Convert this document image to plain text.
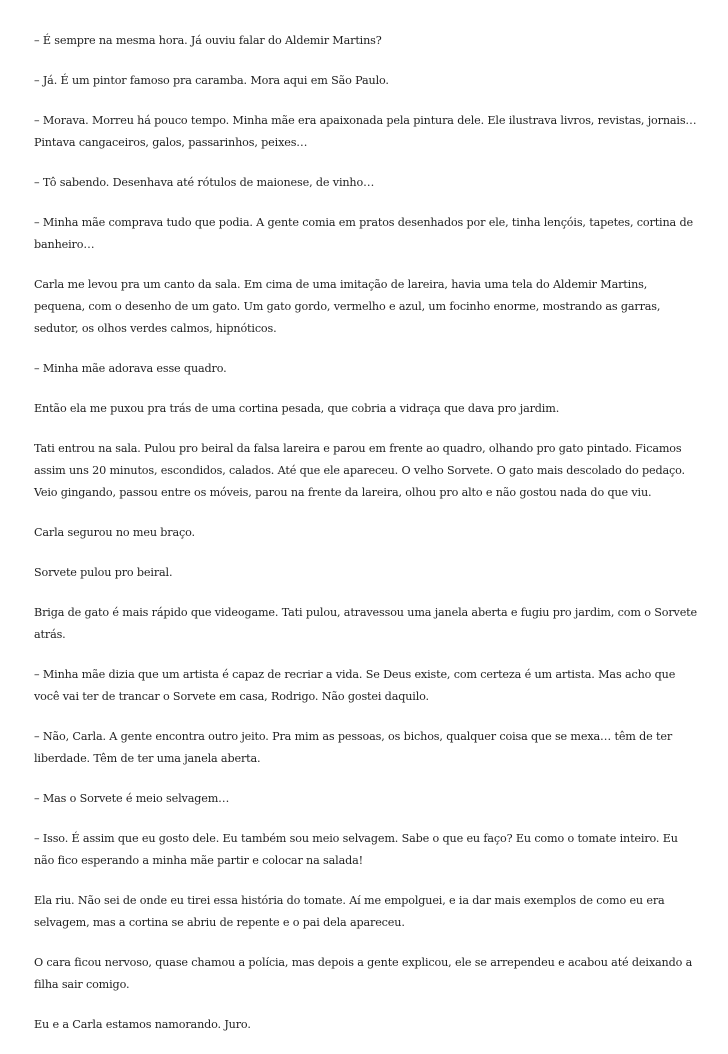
– É sempre na mesma hora. Já ouviu falar do Aldemir Martins?

– Já. É um pintor famoso pra caramba. Mora aqui em São Paulo.

– Morava. Morreu há pouco tempo. Minha mãe era apaixonada pela pintura dele. Ele ilustrava livros, revistas, jornais… Pintava cangaceiros, galos, passarinhos, peixes…

– Tô sabendo. Desenhava até rótulos de maionese, de vinho…

– Minha mãe comprava tudo que podia. A gente comia em pratos desenhados por ele, tinha lençóis, tapetes, cortina de banheiro…

Carla me levou pra um canto da sala. Em cima de uma imitação de lareira, havia uma tela do Aldemir Martins, pequena, com o desenho de um gato. Um gato gordo, vermelho e azul, um focinho enorme, mostrando as garras, sedutor, os olhos verdes calmos, hipnóticos.

– Minha mãe adorava esse quadro.

Então ela me puxou pra trás de uma cortina pesada, que cobria a vidraça que dava pro jardim.

Tati entrou na sala. Pulou pro beiral da falsa lareira e parou em frente ao quadro, olhando pro gato pintado. Ficamos assim uns 20 minutos, escondidos, calados. Até que ele apareceu. O velho Sorvete. O gato mais descolado do pedaço. Veio gingando, passou entre os móveis, parou na frente da lareira, olhou pro alto e não gostou nada do que viu.

Carla segurou no meu braço.

Sorvete pulou pro beiral.

Briga de gato é mais rápido que videogame. Tati pulou, atravessou uma janela aberta e fugiu pro jardim, com o Sorvete atrás.

– Minha mãe dizia que um artista é capaz de recriar a vida. Se Deus existe, com certeza é um artista. Mas acho que você vai ter de trancar o Sorvete em casa, Rodrigo. Não gostei daquilo.

– Não, Carla. A gente encontra outro jeito. Pra mim as pessoas, os bichos, qualquer coisa que se mexa… têm de ter liberdade. Têm de ter uma janela aberta.

– Mas o Sorvete é meio selvagem…

– Isso. É assim que eu gosto dele. Eu também sou meio selvagem. Sabe o que eu faço? Eu como o tomate inteiro. Eu não fico esperando a minha mãe partir e colocar na salada!

Ela riu. Não sei de onde eu tirei essa história do tomate. Aí me empolguei, e ia dar mais exemplos de como eu era selvagem, mas a cortina se abriu de repente e o pai dela apareceu.

O cara ficou nervoso, quase chamou a polícia, mas depois a gente explicou, ele se arrependeu e acabou até deixando a filha sair comigo.

Eu e a Carla estamos namorando. Juro.
